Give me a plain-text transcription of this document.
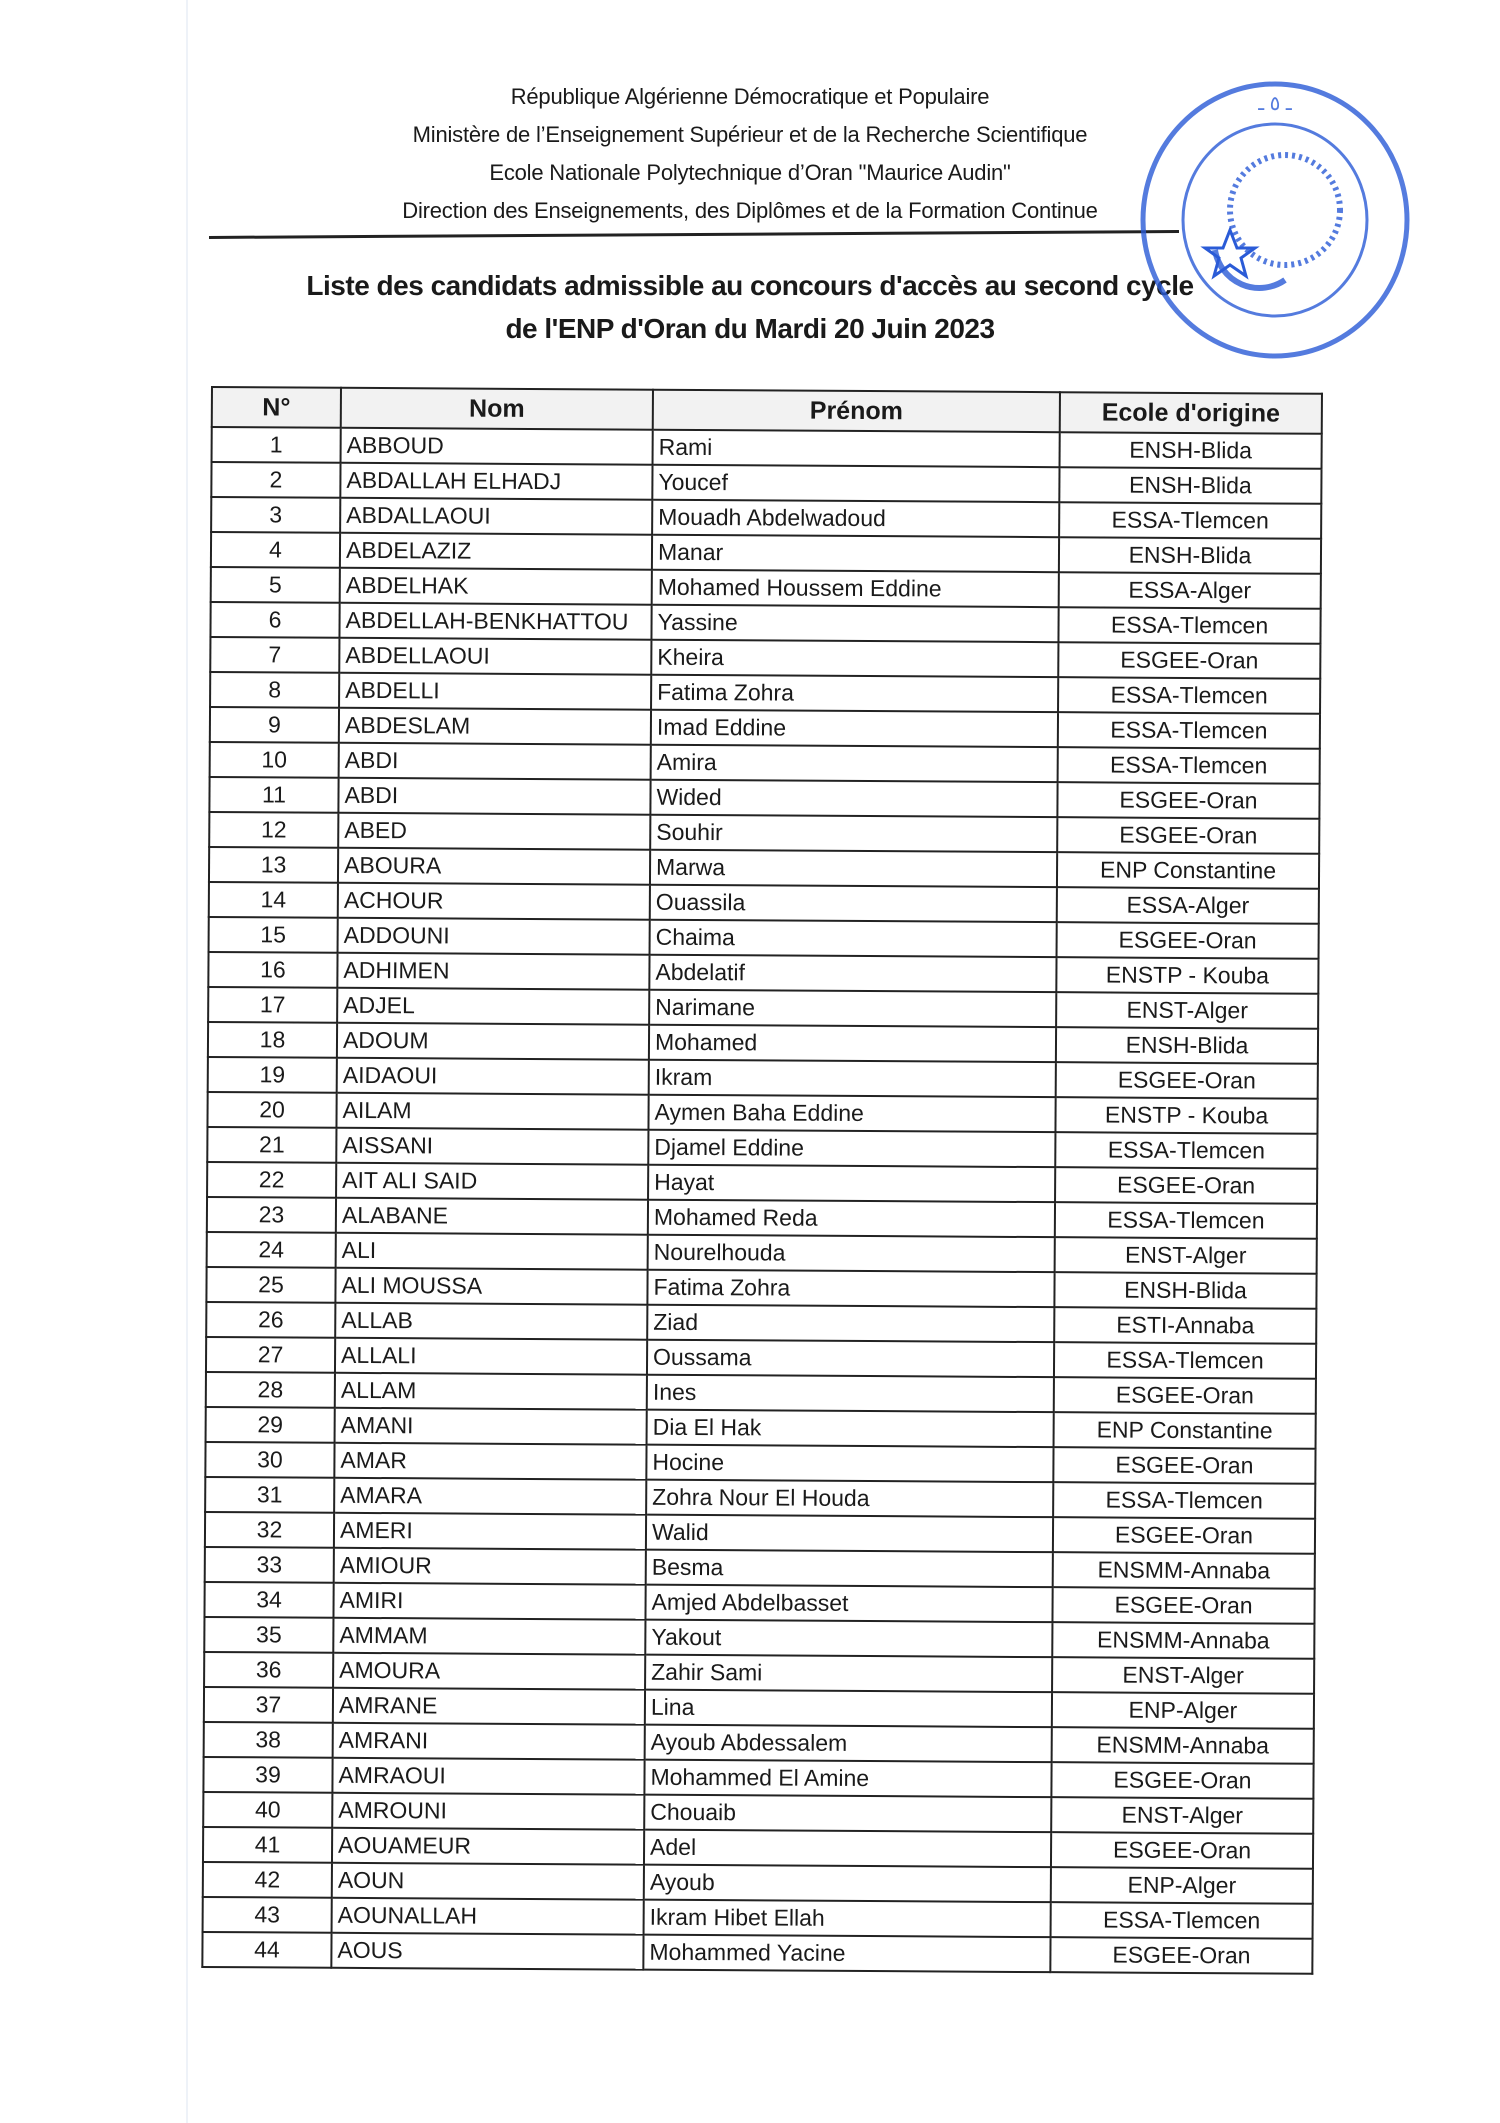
République Algérienne Démocratique et Populaire
Ministère de l’Enseignement Supérieur et de la Recherche Scientifique
Ecole Nationale Polytechnique d’Oran "Maurice Audin"
Direction des Enseignements, des Diplômes et de la Formation Continue
Liste des candidats admissible au concours d'accès au second cycle
de l'ENP d'Oran du Mardi 20 Juin 2023
ـ ٥ ـ
N°	Nom	Prénom	Ecole d'origine
1	ABBOUD	Rami	ENSH-Blida
2	ABDALLAH ELHADJ	Youcef	ENSH-Blida
3	ABDALLAOUI	Mouadh Abdelwadoud	ESSA-Tlemcen
4	ABDELAZIZ	Manar	ENSH-Blida
5	ABDELHAK	Mohamed Houssem Eddine	ESSA-Alger
6	ABDELLAH-BENKHATTOU	Yassine	ESSA-Tlemcen
7	ABDELLAOUI	Kheira	ESGEE-Oran
8	ABDELLI	Fatima Zohra	ESSA-Tlemcen
9	ABDESLAM	Imad Eddine	ESSA-Tlemcen
10	ABDI	Amira	ESSA-Tlemcen
11	ABDI	Wided	ESGEE-Oran
12	ABED	Souhir	ESGEE-Oran
13	ABOURA	Marwa	ENP Constantine
14	ACHOUR	Ouassila	ESSA-Alger
15	ADDOUNI	Chaima	ESGEE-Oran
16	ADHIMEN	Abdelatif	ENSTP - Kouba
17	ADJEL	Narimane	ENST-Alger
18	ADOUM	Mohamed	ENSH-Blida
19	AIDAOUI	Ikram	ESGEE-Oran
20	AILAM	Aymen Baha Eddine	ENSTP - Kouba
21	AISSANI	Djamel Eddine	ESSA-Tlemcen
22	AIT ALI SAID	Hayat	ESGEE-Oran
23	ALABANE	Mohamed Reda	ESSA-Tlemcen
24	ALI	Nourelhouda	ENST-Alger
25	ALI MOUSSA	Fatima Zohra	ENSH-Blida
26	ALLAB	Ziad	ESTI-Annaba
27	ALLALI	Oussama	ESSA-Tlemcen
28	ALLAM	Ines	ESGEE-Oran
29	AMANI	Dia El Hak	ENP Constantine
30	AMAR	Hocine	ESGEE-Oran
31	AMARA	Zohra Nour El Houda	ESSA-Tlemcen
32	AMERI	Walid	ESGEE-Oran
33	AMIOUR	Besma	ENSMM-Annaba
34	AMIRI	Amjed Abdelbasset	ESGEE-Oran
35	AMMAM	Yakout	ENSMM-Annaba
36	AMOURA	Zahir Sami	ENST-Alger
37	AMRANE	Lina	ENP-Alger
38	AMRANI	Ayoub Abdessalem	ENSMM-Annaba
39	AMRAOUI	Mohammed El Amine	ESGEE-Oran
40	AMROUNI	Chouaib	ENST-Alger
41	AOUAMEUR	Adel	ESGEE-Oran
42	AOUN	Ayoub	ENP-Alger
43	AOUNALLAH	Ikram Hibet Ellah	ESSA-Tlemcen
44	AOUS	Mohammed Yacine	ESGEE-Oran
